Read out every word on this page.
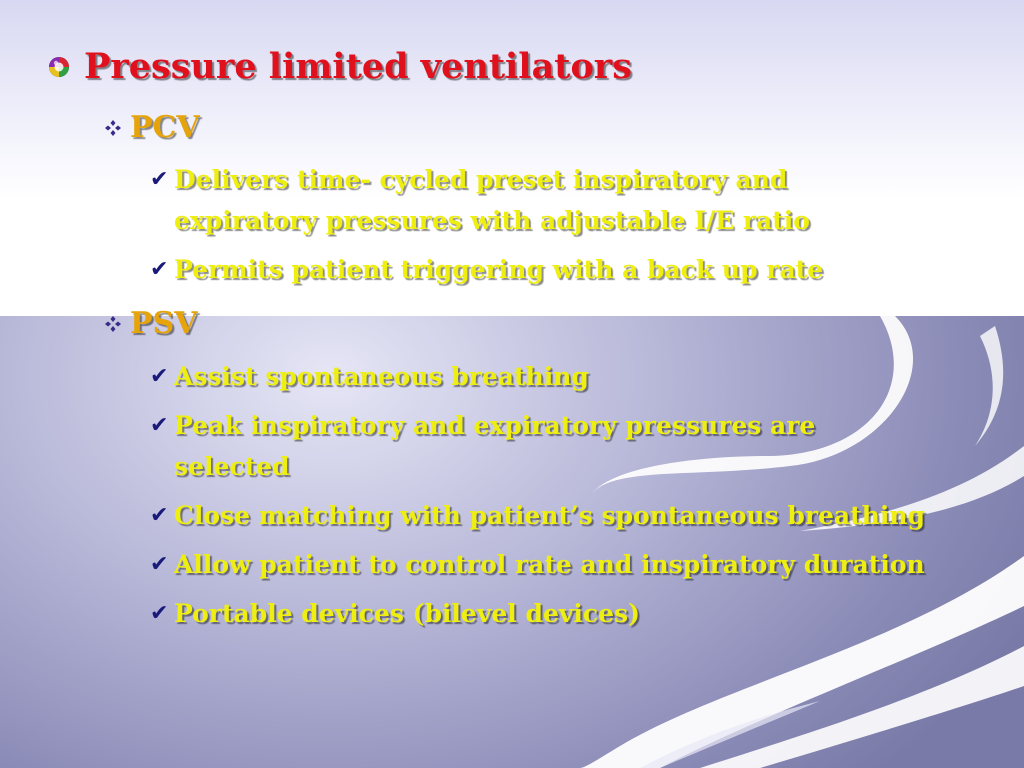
Pressure limited ventilators
PCV
✔ Delivers time- cycled preset inspiratory and
expiratory pressures with adjustable I/E ratio
✔ Permits patient triggering with a back up rate
PSV
✔ Assist spontaneous breathing
✔ Peak inspiratory and expiratory pressures are
selected
✔ Close matching with patient’s spontaneous breathing
✔ Allow patient to control rate and inspiratory duration
✔ Portable devices (bilevel devices)
